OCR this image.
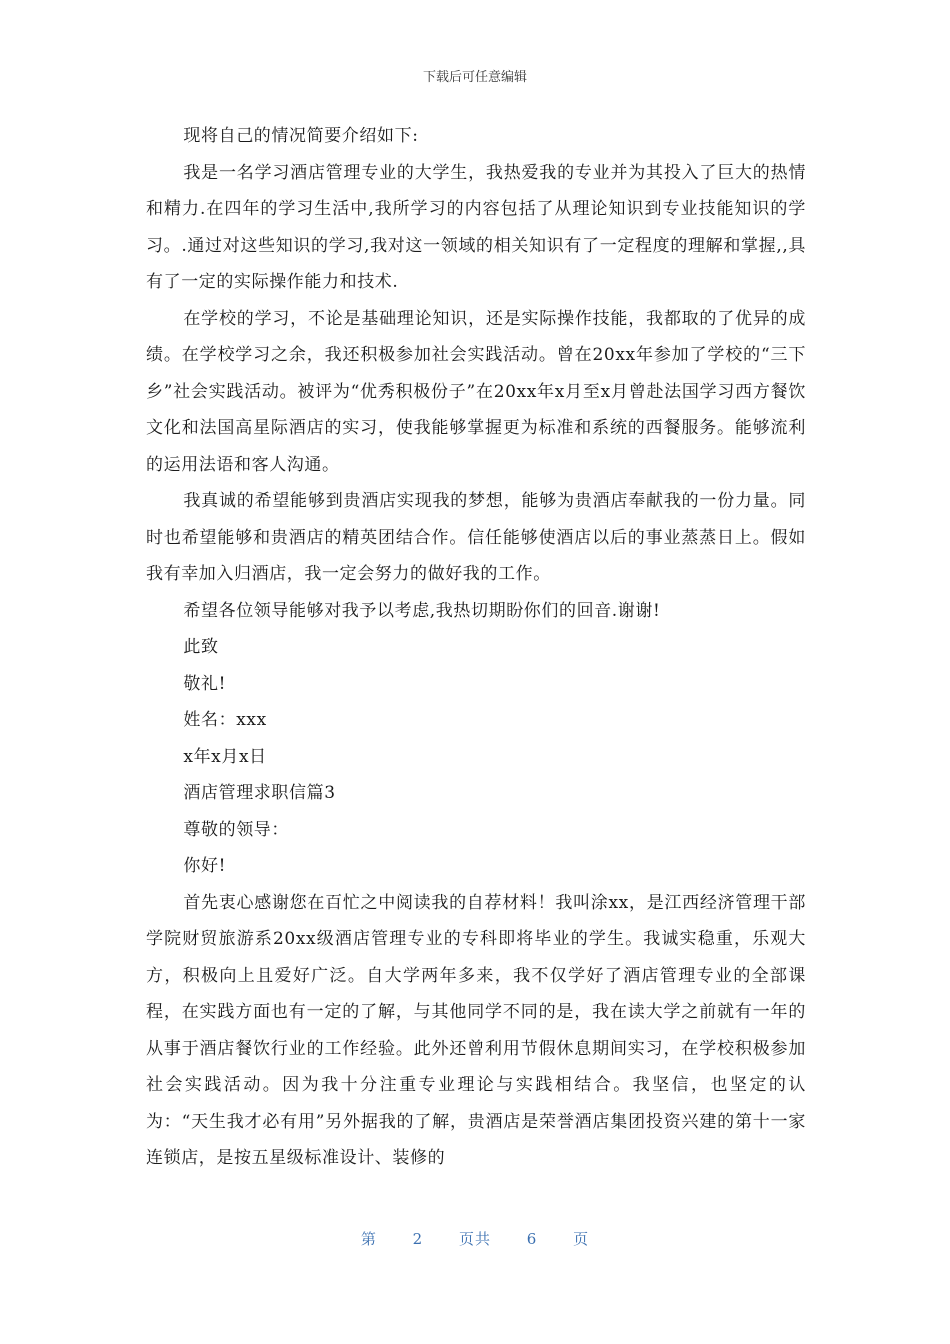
下载后可任意编辑

现将自己的情况简要介绍如下:

我是一名学习酒店管理专业的大学生，我热爱我的专业并为其投入了巨大的热情和精力.在四年的学习生活中,我所学习的内容包括了从理论知识到专业技能知识的学习。.通过对这些知识的学习,我对这一领域的相关知识有了一定程度的理解和掌握,,具有了一定的实际操作能力和技术.

在学校的学习，不论是基础理论知识，还是实际操作技能，我都取的了优异的成绩。在学校学习之余，我还积极参加社会实践活动。曾在20xx年参加了学校的“三下乡”社会实践活动。被评为“优秀积极份子”在20xx年x月至x月曾赴法国学习西方餐饮文化和法国高星际酒店的实习，使我能够掌握更为标准和系统的西餐服务。能够流利的运用法语和客人沟通。

我真诚的希望能够到贵酒店实现我的梦想，能够为贵酒店奉献我的一份力量。同时也希望能够和贵酒店的精英团结合作。信任能够使酒店以后的事业蒸蒸日上。假如我有幸加入归酒店，我一定会努力的做好我的工作。

希望各位领导能够对我予以考虑,我热切期盼你们的回音.谢谢!

此致

敬礼!

姓名：xxx

x年x月x日

酒店管理求职信篇3

尊敬的领导：

你好!

首先衷心感谢您在百忙之中阅读我的自荐材料！我叫涂xx，是江西经济管理干部学院财贸旅游系20xx级酒店管理专业的专科即将毕业的学生。我诚实稳重，乐观大方，积极向上且爱好广泛。自大学两年多来，我不仅学好了酒店管理专业的全部课程，在实践方面也有一定的了解，与其他同学不同的是，我在读大学之前就有一年的从事于酒店餐饮行业的工作经验。此外还曾利用节假休息期间实习，在学校积极参加社会实践活动。因为我十分注重专业理论与实践相结合。我坚信，也坚定的认为：“天生我才必有用”另外据我的了解，贵酒店是荣誉酒店集团投资兴建的第十一家连锁店，是按五星级标准设计、装修的

第 2 页共 6 页
